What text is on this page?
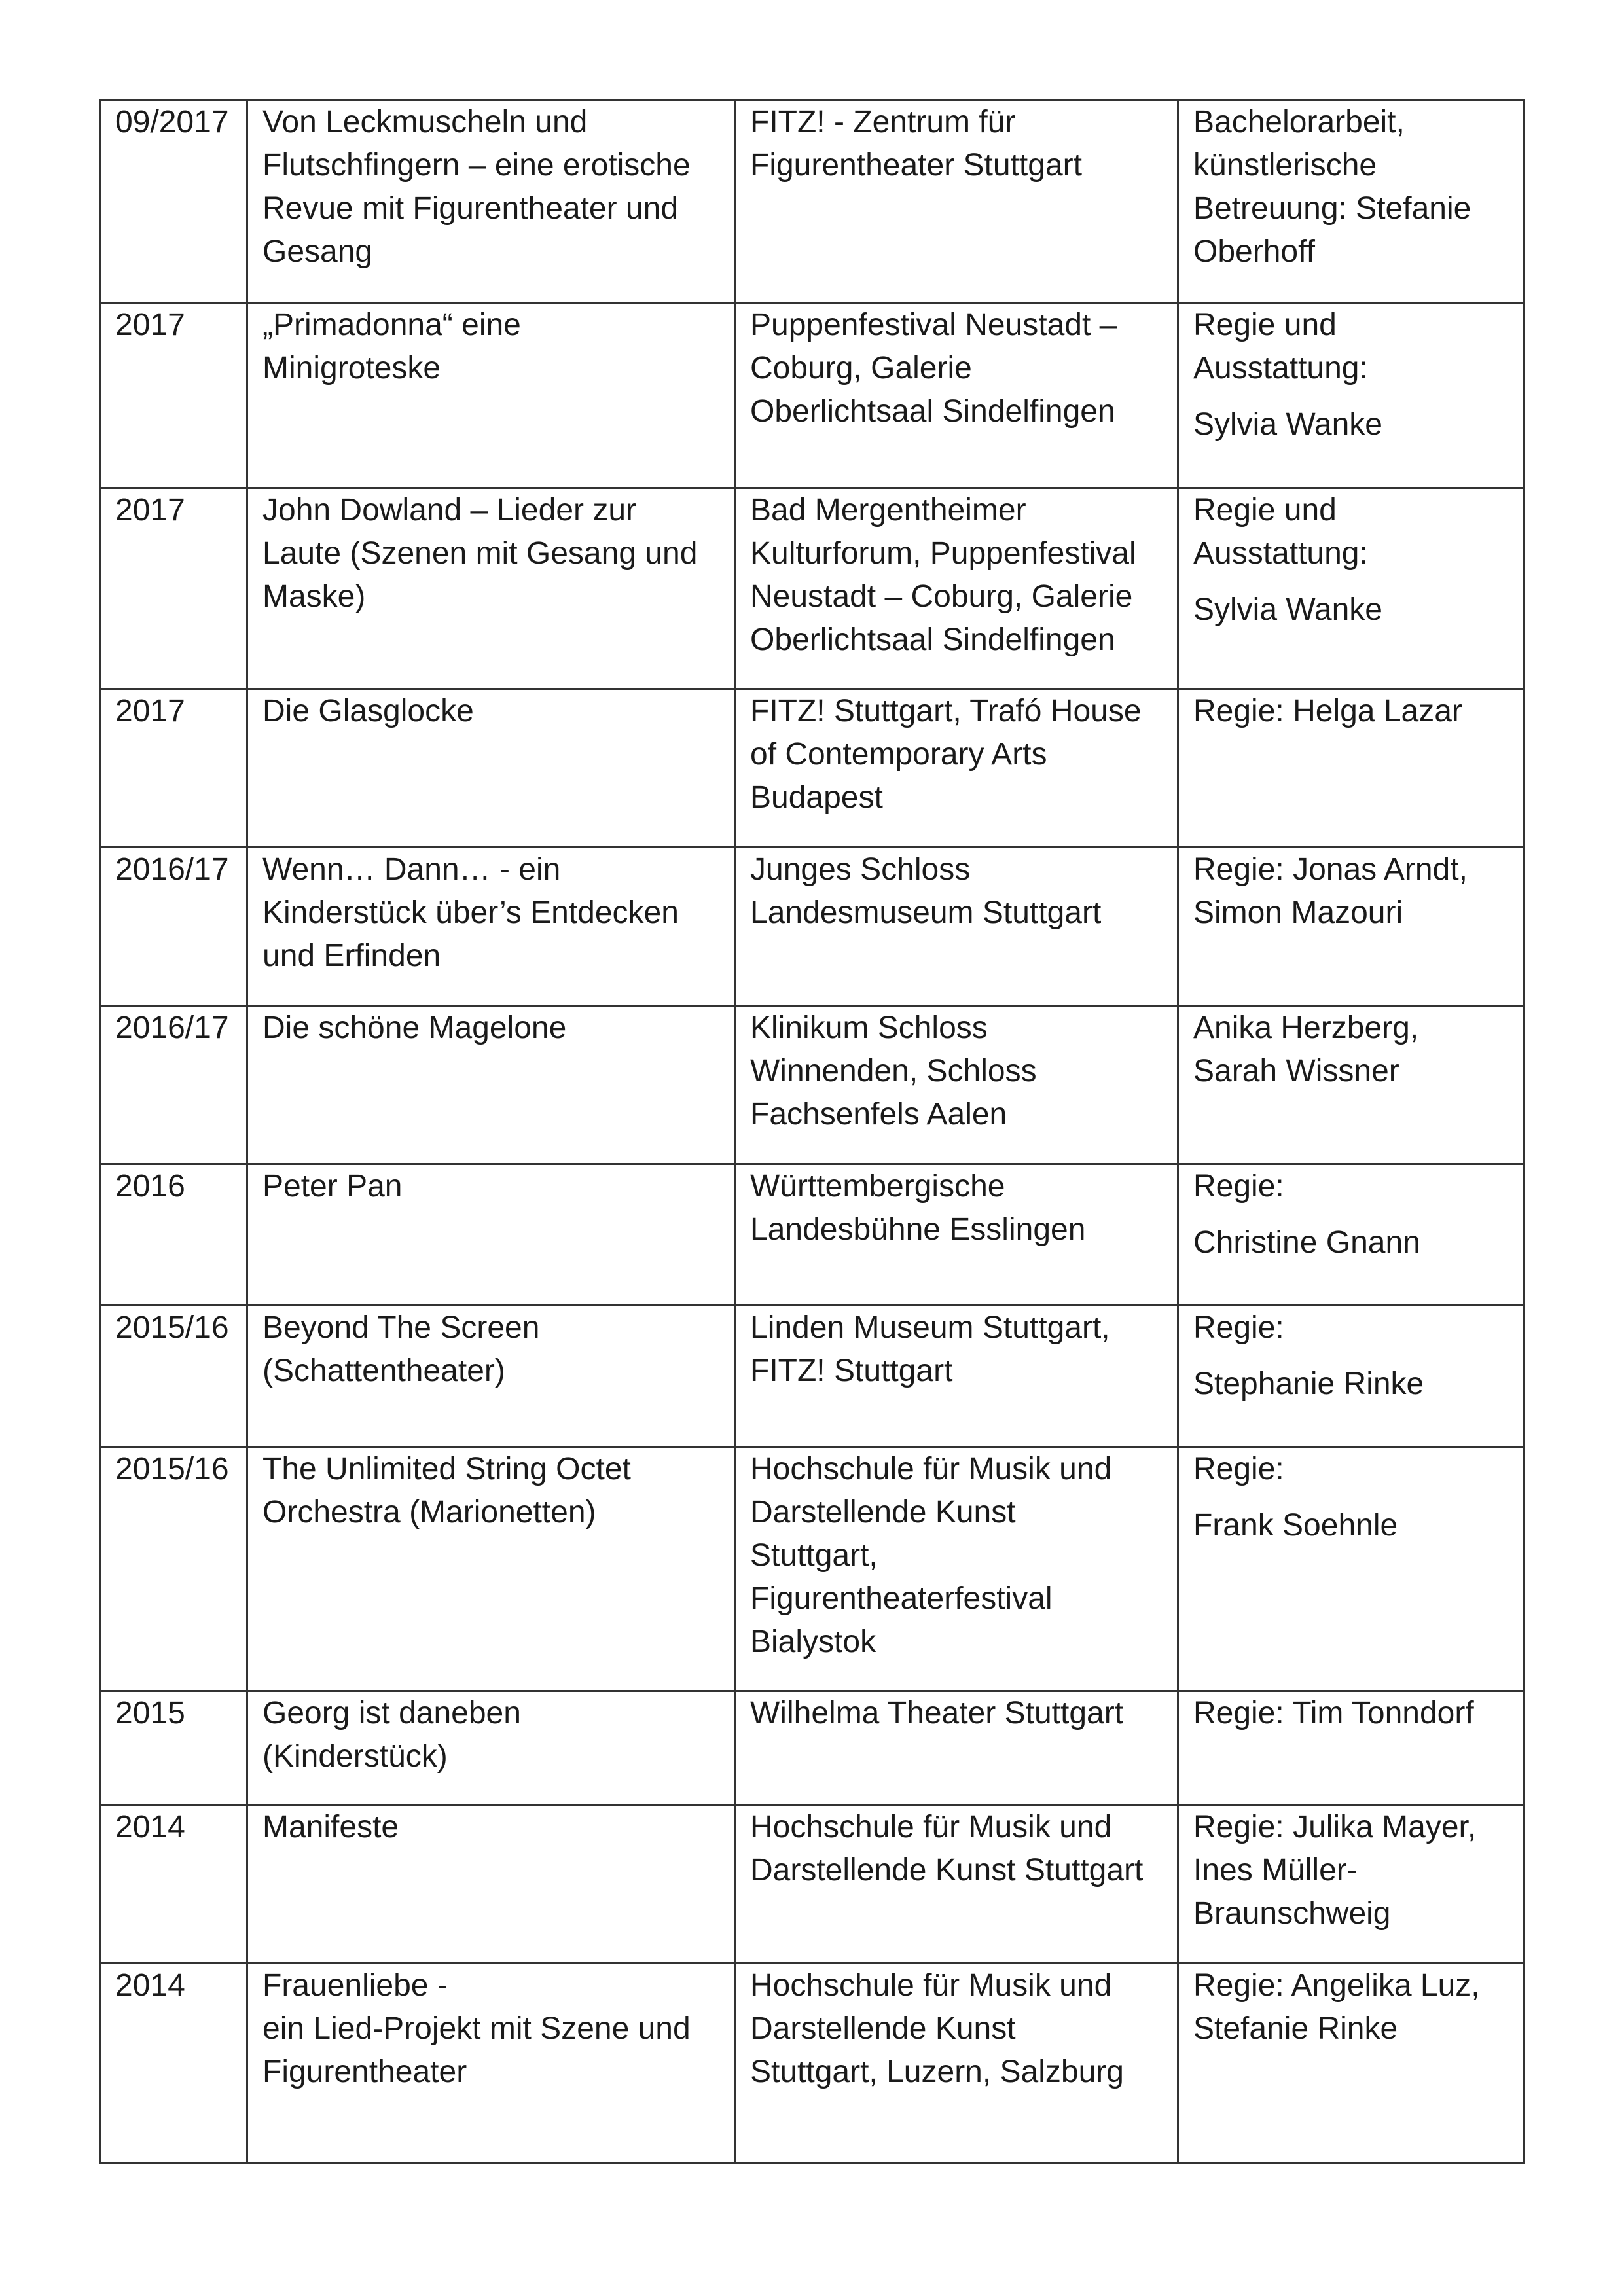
09/2017	Von Leckmuscheln und
Flutschfingern – eine erotische
Revue mit Figurentheater und
Gesang	FITZ! - Zentrum für
Figurentheater Stuttgart	Bachelorarbeit,
künstlerische
Betreuung: Stefanie
Oberhoff

2017	„Primadonna“ eine
Minigroteske	Puppenfestival Neustadt –
Coburg, Galerie
Oberlichtsaal Sindelfingen	Regie und
Ausstattung:
Sylvia Wanke

2017	John Dowland – Lieder zur
Laute (Szenen mit Gesang und
Maske)	Bad Mergentheimer
Kulturforum, Puppenfestival
Neustadt – Coburg, Galerie
Oberlichtsaal Sindelfingen	Regie und
Ausstattung:
Sylvia Wanke

2017	Die Glasglocke	FITZ! Stuttgart, Trafó House
of Contemporary Arts
Budapest	Regie: Helga Lazar

2016/17	Wenn… Dann… - ein
Kinderstück über’s Entdecken
und Erfinden	Junges Schloss
Landesmuseum Stuttgart	Regie: Jonas Arndt,
Simon Mazouri

2016/17	Die schöne Magelone	Klinikum Schloss
Winnenden, Schloss
Fachsenfels Aalen	Anika Herzberg,
Sarah Wissner

2016	Peter Pan	Württembergische
Landesbühne Esslingen	Regie:
Christine Gnann

2015/16	Beyond The Screen
(Schattentheater)	Linden Museum Stuttgart,
FITZ! Stuttgart	Regie:
Stephanie Rinke

2015/16	The Unlimited String Octet
Orchestra (Marionetten)	Hochschule für Musik und
Darstellende Kunst
Stuttgart,
Figurentheaterfestival
Bialystok	Regie:
Frank Soehnle

2015	Georg ist daneben
(Kinderstück)	Wilhelma Theater Stuttgart	Regie: Tim Tonndorf

2014	Manifeste	Hochschule für Musik und
Darstellende Kunst Stuttgart	Regie: Julika Mayer,
Ines Müller-
Braunschweig

2014	Frauenliebe -
ein Lied-Projekt mit Szene und
Figurentheater	Hochschule für Musik und
Darstellende Kunst
Stuttgart, Luzern, Salzburg	Regie: Angelika Luz,
Stefanie Rinke
